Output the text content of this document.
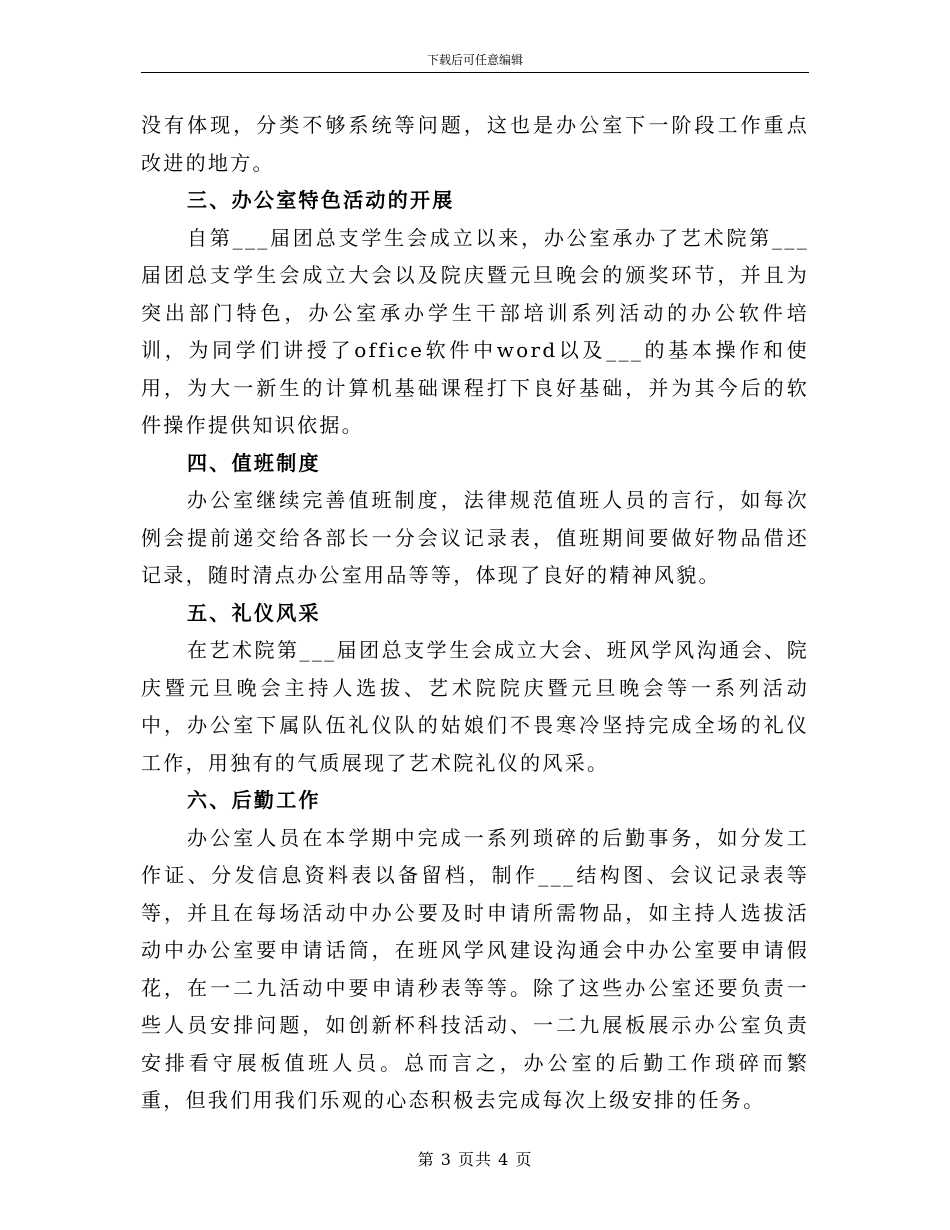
下载后可任意编辑

没有体现，分类不够系统等问题，这也是办公室下一阶段工作重点改进的地方。

三、办公室特色活动的开展

自第___届团总支学生会成立以来，办公室承办了艺术院第___届团总支学生会成立大会以及院庆暨元旦晚会的颁奖环节，并且为突出部门特色，办公室承办学生干部培训系列活动的办公软件培训，为同学们讲授了office软件中word以及___的基本操作和使用，为大一新生的计算机基础课程打下良好基础，并为其今后的软件操作提供知识依据。

四、值班制度

办公室继续完善值班制度，法律规范值班人员的言行，如每次例会提前递交给各部长一分会议记录表，值班期间要做好物品借还记录，随时清点办公室用品等等，体现了良好的精神风貌。

五、礼仪风采

在艺术院第___届团总支学生会成立大会、班风学风沟通会、院庆暨元旦晚会主持人选拔、艺术院院庆暨元旦晚会等一系列活动中，办公室下属队伍礼仪队的姑娘们不畏寒冷坚持完成全场的礼仪工作，用独有的气质展现了艺术院礼仪的风采。

六、后勤工作

办公室人员在本学期中完成一系列琐碎的后勤事务，如分发工作证、分发信息资料表以备留档，制作___结构图、会议记录表等等，并且在每场活动中办公要及时申请所需物品，如主持人选拔活动中办公室要申请话筒，在班风学风建设沟通会中办公室要申请假花，在一二九活动中要申请秒表等等。除了这些办公室还要负责一些人员安排问题，如创新杯科技活动、一二九展板展示办公室负责安排看守展板值班人员。总而言之，办公室的后勤工作琐碎而繁重，但我们用我们乐观的心态积极去完成每次上级安排的任务。

第 3 页共 4 页
